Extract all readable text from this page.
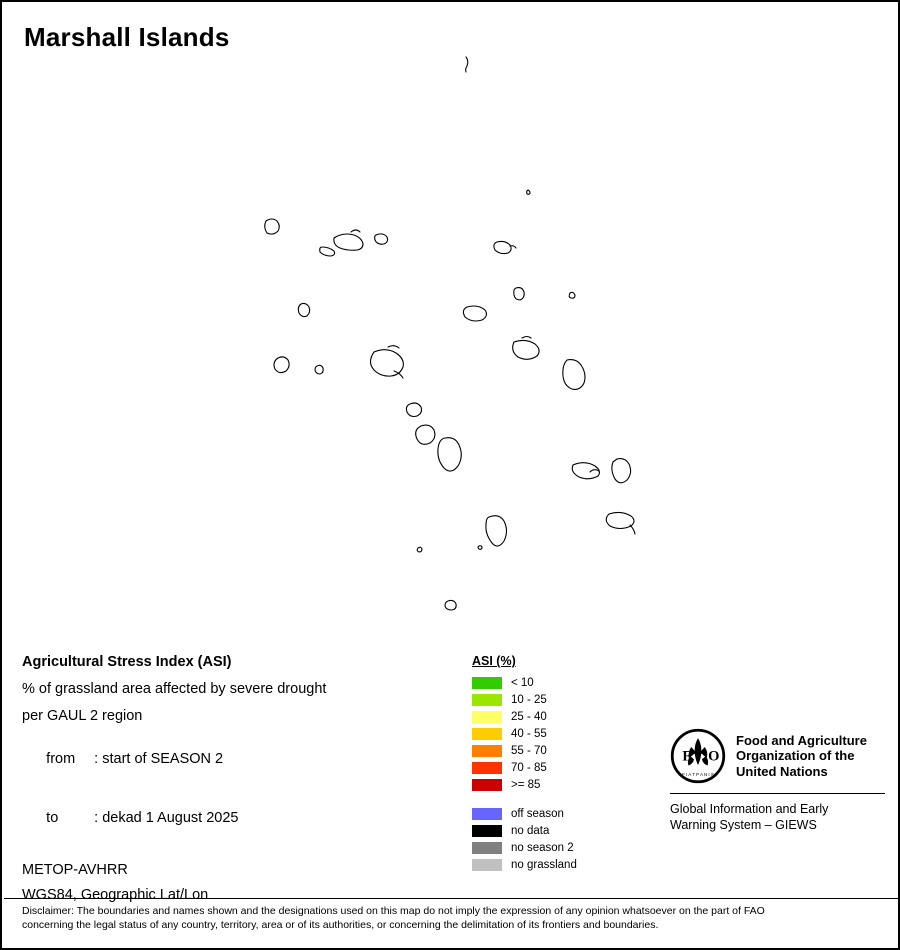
Marshall Islands
Agricultural Stress Index (ASI)
% of grassland area affected by severe drought
per GAUL 2 region

from : start of SEASON 2

to : dekad 1 August 2025

METOP-AVHRR
WGS84, Geographic Lat/Lon
ASI (%)
< 10
10 - 25
25 - 40
40 - 55
55 - 70
70 - 85
>= 85
off season
no data
no season 2
no grassland
F O
A
F I A T P A N I S
Food and Agriculture
Organization of the
United Nations
Global Information and Early
Warning System – GIEWS
Disclaimer: The boundaries and names shown and the designations used on this map do not imply the expression of any opinion whatsoever on the part of FAO
concerning the legal status of any country, territory, area or of its authorities, or concerning the delimitation of its frontiers and boundaries.
